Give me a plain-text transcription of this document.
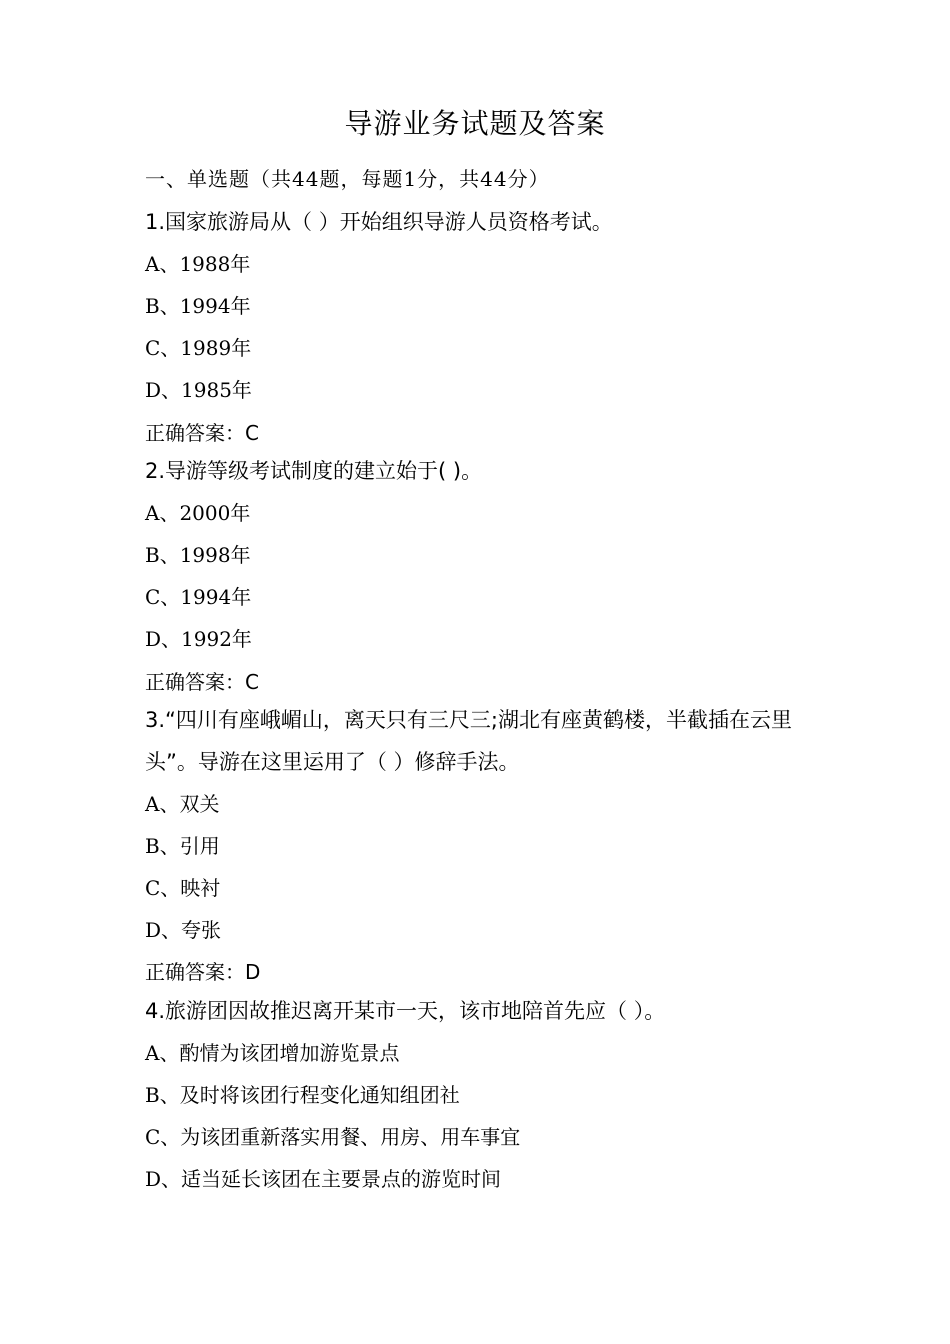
导游业务试题及答案
一、单选题（共44题，每题1分，共44分）
1.国家旅游局从（ ）开始组织导游人员资格考试。
A、1988年
B、1994年
C、1989年
D、1985年
正确答案：C
2.导游等级考试制度的建立始于( )。
A、2000年
B、1998年
C、1994年
D、1992年
正确答案：C
3.“四川有座峨嵋山，离天只有三尺三;湖北有座黄鹤楼，半截插在云里头”。导游在这里运用了（ ）修辞手法。
A、双关
B、引用
C、映衬
D、夸张
正确答案：D
4.旅游团因故推迟离开某市一天，该市地陪首先应（ ）。
A、酌情为该团增加游览景点
B、及时将该团行程变化通知组团社
C、为该团重新落实用餐、用房、用车事宜
D、适当延长该团在主要景点的游览时间
